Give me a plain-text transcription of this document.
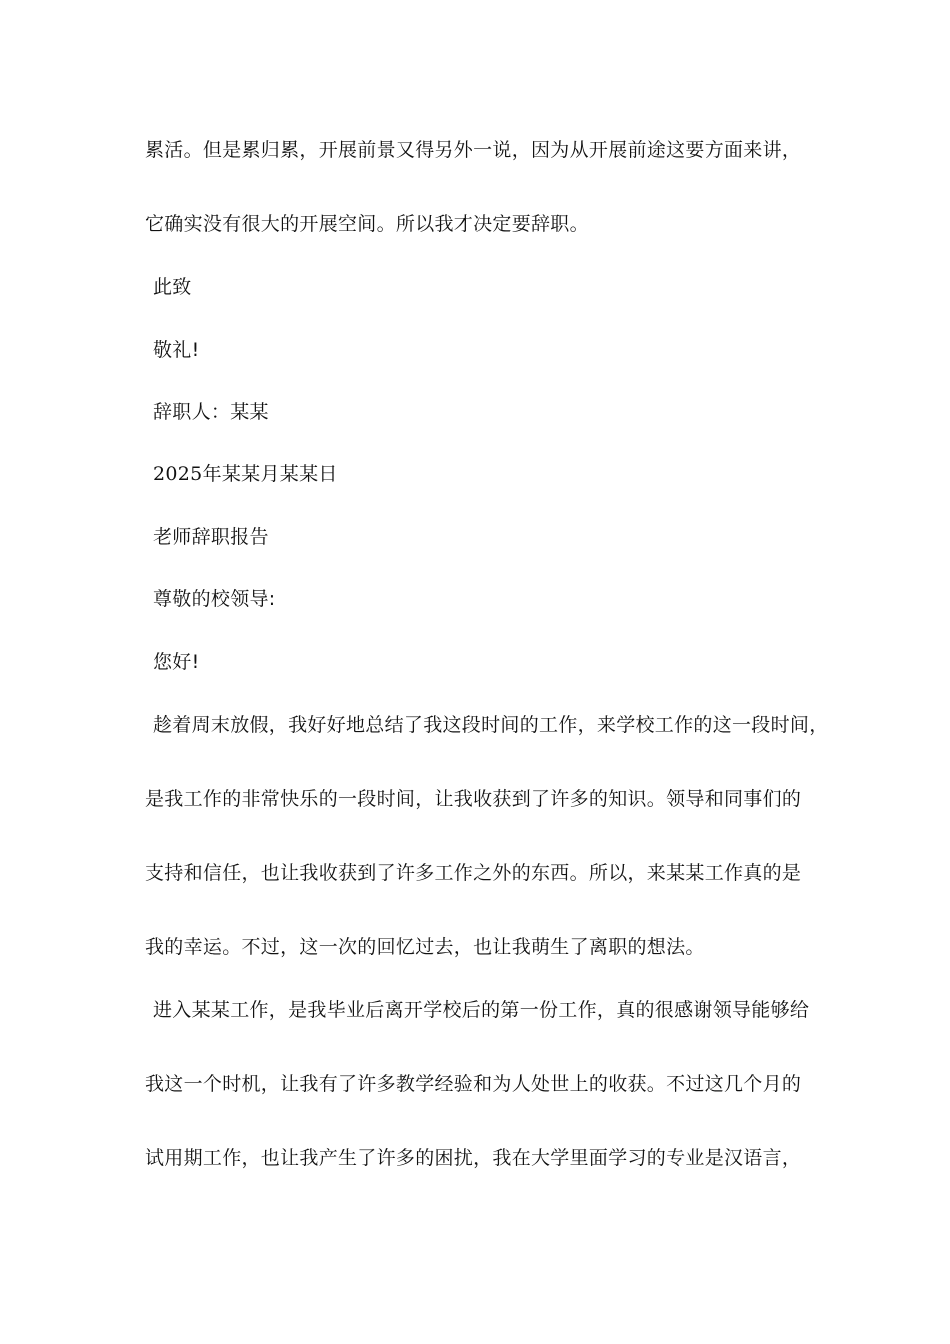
累活。但是累归累，开展前景又得另外一说，因为从开展前途这要方面来讲，
它确实没有很大的开展空间。所以我才决定要辞职。
此致
敬礼!
辞职人：某某
2025年某某月某某日
老师辞职报告
尊敬的校领导:
您好!
趁着周末放假，我好好地总结了我这段时间的工作，来学校工作的这一段时间，
是我工作的非常快乐的一段时间，让我收获到了许多的知识。领导和同事们的
支持和信任，也让我收获到了许多工作之外的东西。所以，来某某工作真的是
我的幸运。不过，这一次的回忆过去，也让我萌生了离职的想法。
进入某某工作，是我毕业后离开学校后的第一份工作，真的很感谢领导能够给
我这一个时机，让我有了许多教学经验和为人处世上的收获。不过这几个月的
试用期工作，也让我产生了许多的困扰，我在大学里面学习的专业是汉语言，
